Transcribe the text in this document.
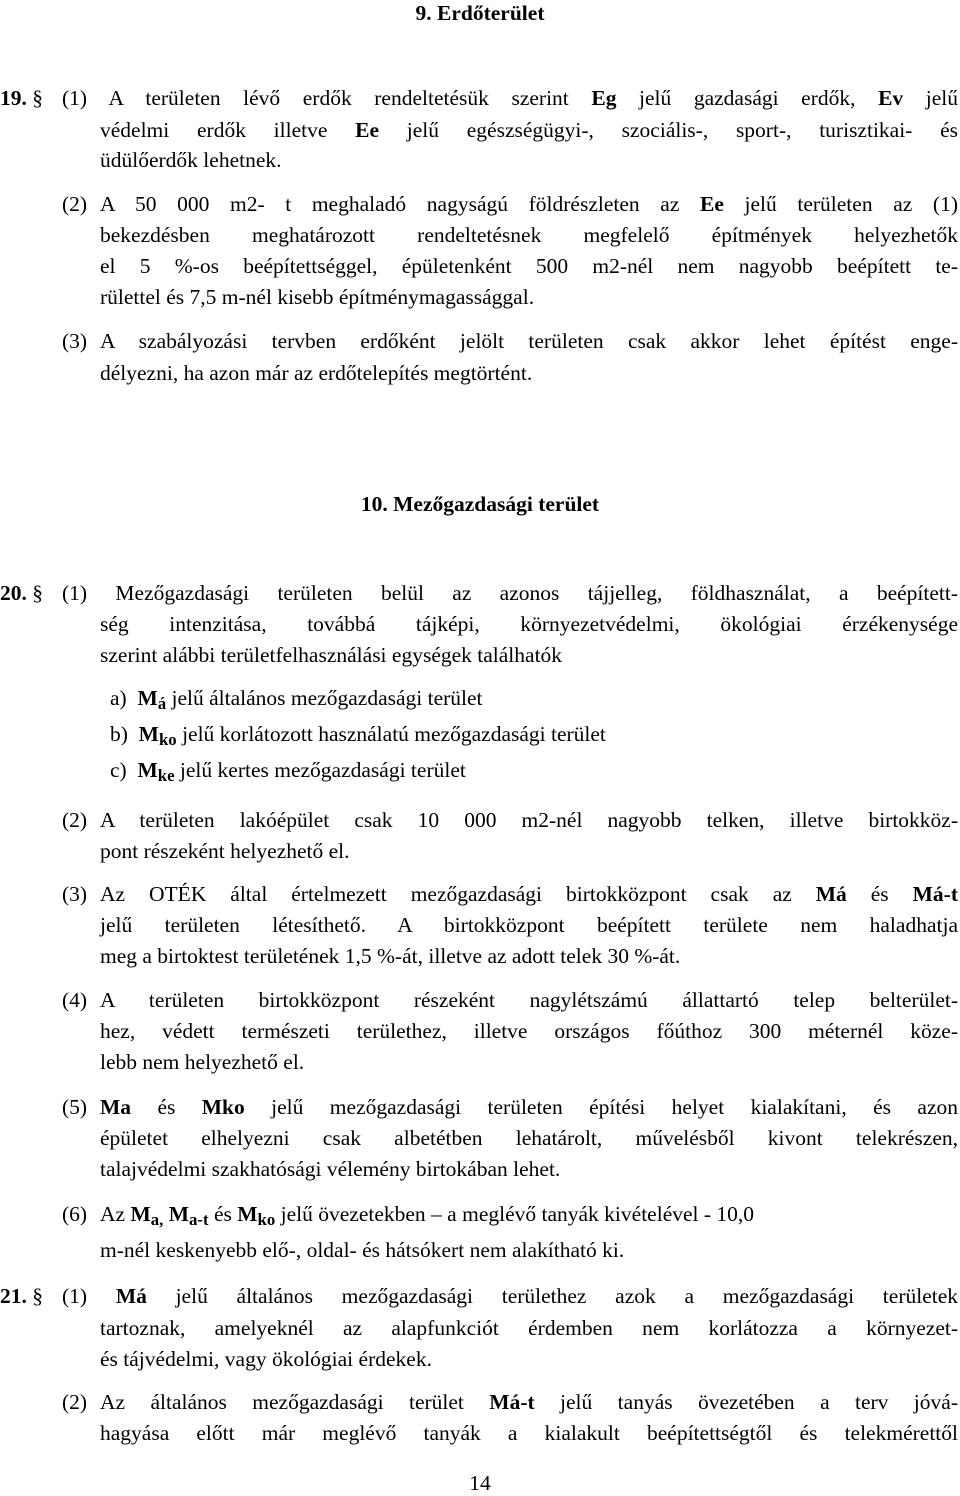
9. Erdőterület
19. § (1) A területen lévő erdők rendeltetésük szerint Eg jelű gazdasági erdők, Ev jelű
védelmi erdők illetve Ee jelű egészségügyi-, szociális-, sport-, turisztikai- és
üdülőerdők lehetnek.
(2) A 50 000 m2- t meghaladó nagyságú földrészleten az Ee jelű területen az (1)
bekezdésben meghatározott rendeltetésnek megfelelő építmények helyezhetők
el 5 %-os beépítettséggel, épületenként 500 m2-nél nem nagyobb beépített te-
rülettel és 7,5 m-nél kisebb építménymagassággal.
(3) A szabályozási tervben erdőként jelölt területen csak akkor lehet építést enge-
délyezni, ha azon már az erdőtelepítés megtörtént.
10. Mezőgazdasági terület
20. § (1) Mezőgazdasági területen belül az azonos tájjelleg, földhasználat, a beépített-
ség intenzitása, továbbá tájképi, környezetvédelmi, ökológiai érzékenysége
szerint alábbi területfelhasználási egységek találhatók
a) Má jelű általános mezőgazdasági terület
b) Mko jelű korlátozott használatú mezőgazdasági terület
c) Mke jelű kertes mezőgazdasági terület
(2) A területen lakóépület csak 10 000 m2-nél nagyobb telken, illetve birtokköz-
pont részeként helyezhető el.
(3) Az OTÉK által értelmezett mezőgazdasági birtokközpont csak az Má és Má-t
jelű területen létesíthető. A birtokközpont beépített területe nem haladhatja
meg a birtoktest területének 1,5 %-át, illetve az adott telek 30 %-át.
(4) A területen birtokközpont részeként nagylétszámú állattartó telep belterület-
hez, védett természeti területhez, illetve országos főúthoz 300 méternél köze-
lebb nem helyezhető el.
(5) Ma és Mko jelű mezőgazdasági területen építési helyet kialakítani, és azon
épületet elhelyezni csak albetétben lehatárolt, művelésből kivont telekrészen,
talajvédelmi szakhatósági vélemény birtokában lehet.
(6) Az Ma, Ma-t és Mko jelű övezetekben – a meglévő tanyák kivételével - 10,0
m-nél keskenyebb elő-, oldal- és hátsókert nem alakítható ki.
21. § (1) Má jelű általános mezőgazdasági területhez azok a mezőgazdasági területek
tartoznak, amelyeknél az alapfunkciót érdemben nem korlátozza a környezet-
és tájvédelmi, vagy ökológiai érdekek.
(2) Az általános mezőgazdasági terület Má-t jelű tanyás övezetében a terv jóvá-
hagyása előtt már meglévő tanyák a kialakult beépítettségtől és telekmérettől
14
